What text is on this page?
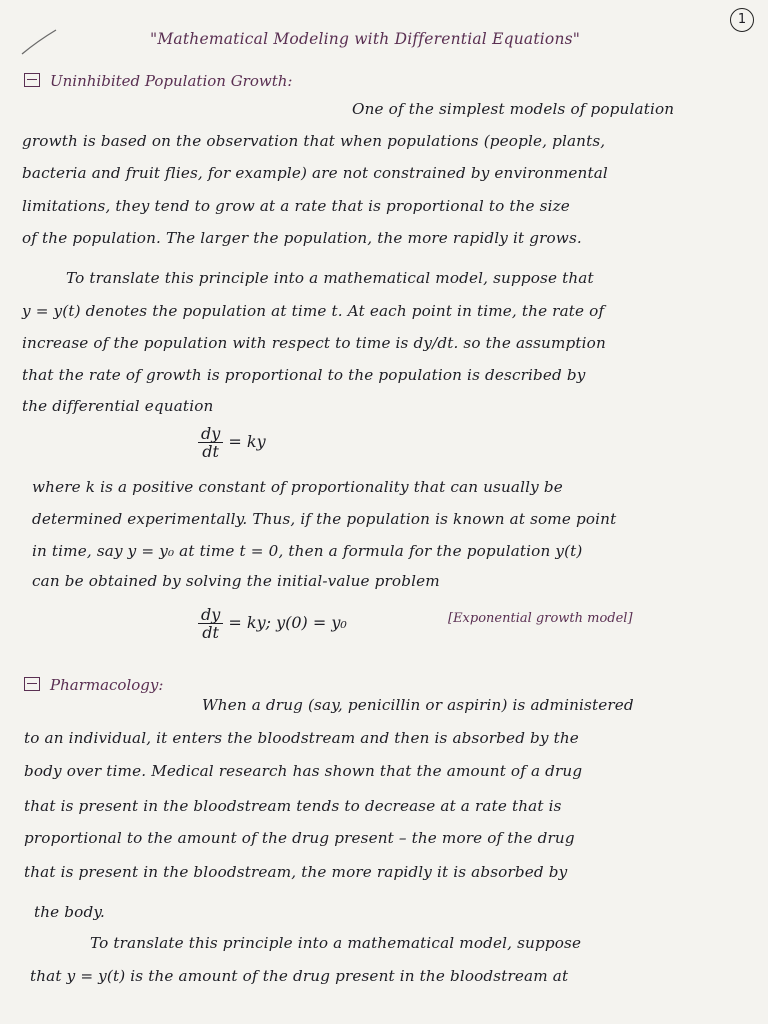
1
"Mathematical Modeling with Differential Equations"
Uninhibited Population Growth:
One of the simplest models of population
growth is based on the observation that when populations (people, plants,
bacteria and fruit flies, for example) are not constrained by environmental
limitations, they tend to grow at a rate that is proportional to the size
of the population. The larger the population, the more rapidly it grows.
To translate this principle into a mathematical model, suppose that
y = y(t) denotes the population at time t. At each point in time, the rate of
increase of the population with respect to time is dy/dt. so the assumption
that the rate of growth is proportional to the population is described by
the differential equation
$\frac{dy}{dt}$ = ky
where k is a positive constant of proportionality that can usually be
determined experimentally. Thus, if the population is known at some point
in time, say y = y₀ at time t = 0, then a formula for the population y(t)
can be obtained by solving the initial-value problem
$\frac{dy}{dt}$ = ky; y(0) = y₀	[Exponential growth model]
Pharmacology:
When a drug (say, penicillin or aspirin) is administered
to an individual, it enters the bloodstream and then is absorbed by the
body over time. Medical research has shown that the amount of a drug
that is present in the bloodstream tends to decrease at a rate that is
proportional to the amount of the drug present – the more of the drug
that is present in the bloodstream, the more rapidly it is absorbed by
the body.
To translate this principle into a mathematical model, suppose
that y = y(t) is the amount of the drug present in the bloodstream at
